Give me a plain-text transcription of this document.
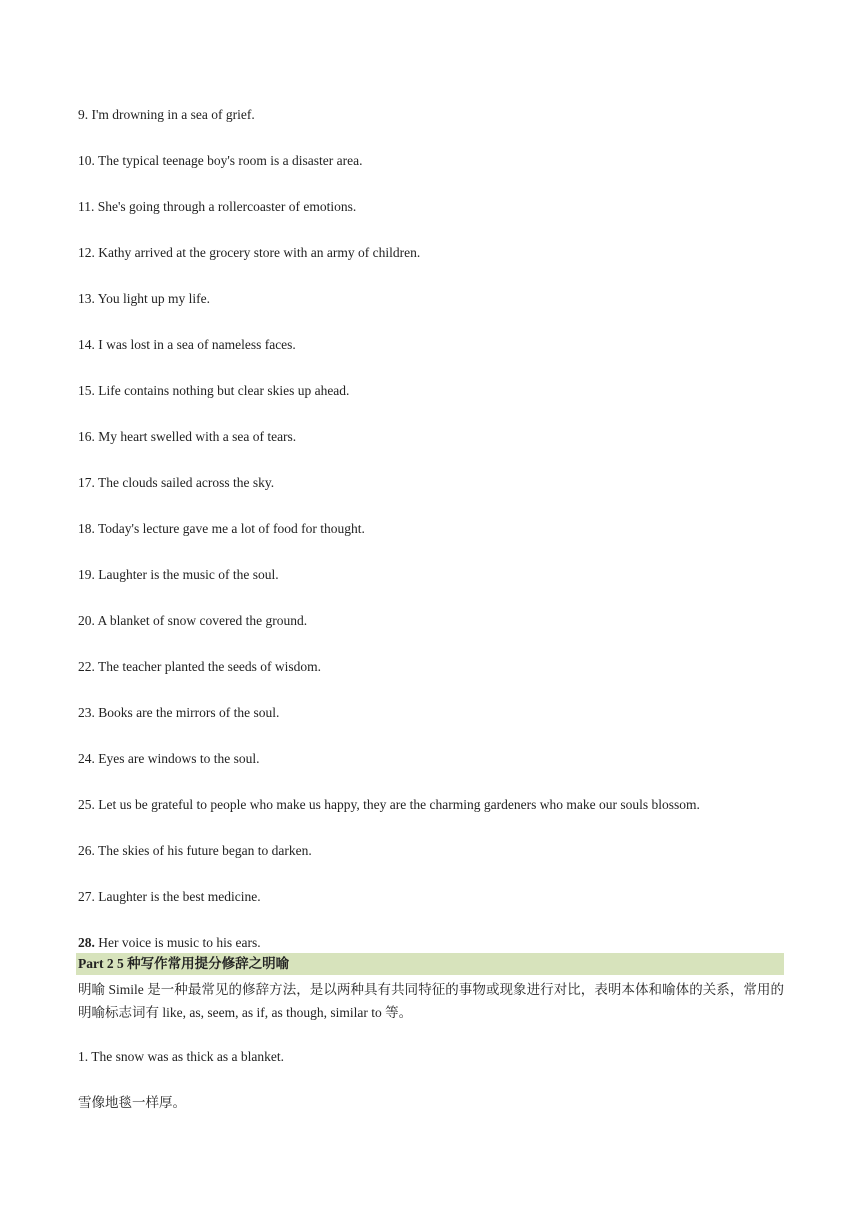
9. I'm drowning in a sea of grief.
10. The typical teenage boy's room is a disaster area.
11. She's going through a rollercoaster of emotions.
12. Kathy arrived at the grocery store with an army of children.
13. You light up my life.
14. I was lost in a sea of nameless faces.
15. Life contains nothing but clear skies up ahead.
16. My heart swelled with a sea of tears.
17. The clouds sailed across the sky.
18. Today's lecture gave me a lot of food for thought.
19. Laughter is the music of the soul.
20. A blanket of snow covered the ground.
22. The teacher planted the seeds of wisdom.
23. Books are the mirrors of the soul.
24. Eyes are windows to the soul.
25. Let us be grateful to people who make us happy, they are the charming gardeners who make our souls blossom.
26. The skies of his future began to darken.
27. Laughter is the best medicine.
28. Her voice is music to his ears.
Part 2 5 种写作常用提分修辞之明喻
明喻 Simile 是一种最常见的修辞方法，是以两种具有共同特征的事物或现象进行对比，表明本体和喻体的关系，常用的明喻标志词有 like, as, seem, as if, as though, similar to 等。
1. The snow was as thick as a blanket.
雪像地毯一样厚。
